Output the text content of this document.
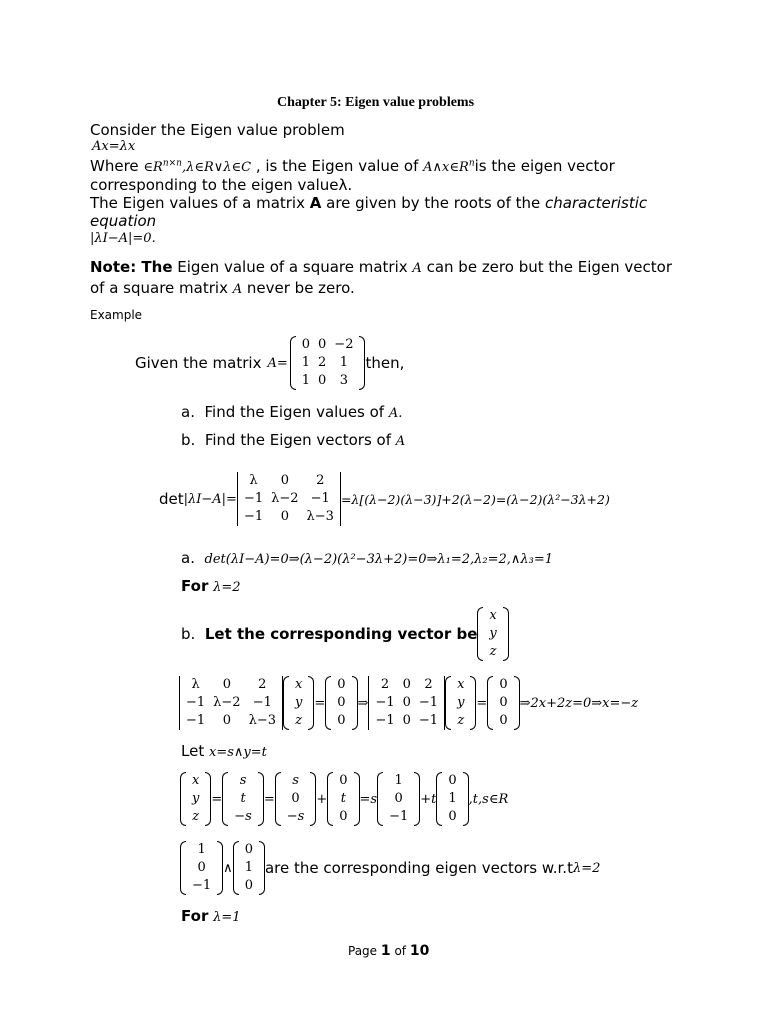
Chapter 5: Eigen value problems
Consider the Eigen value problem
Ax=λx
Where $\in R^{n\times n},\lambda\in R\vee\lambda\in C$ , is the Eigen value of $A\wedge x\in R^nis$ the eigen vector
corresponding to the eigen valueλ.
The Eigen values of a matrix A are given by the roots of the characteristic
equation
|λI−A|=0.
Note: The Eigen value of a square matrix A can be zero but the Eigen vector
of a square matrix A never be zero.
Example
Given the matrix A=
0	0	−2
1	2	1
1	0	3
then,
a. Find the Eigen values of A.
b. Find the Eigen vectors of A
det |λI−A|=
λ	0	2
−1	λ−2	−1
−1	0	λ−3
=λ[(λ−2)(λ−3)]+2(λ−2)=(λ−2)(λ²−3λ+2)
a. det(λI−A)=0⇒(λ−2)(λ²−3λ+2)=0⇒λ₁=2,λ₂=2,∧λ₃=1
For λ=2
b.
Let the corresponding vector be
x
y
z
λ	0	2
−1	λ−2	−1
−1	0	λ−3
x
y
z
=
0
0
0
⇒
2	0	2
−1	0	−1
−1	0	−1
x
y
z
=
0
0
0
⇒2x+2z=0⇒x=−z
Let x=s∧y=t
x
y
z
=
s
t
−s
=
s
0
−s
+
0
t
0
=s
1
0
−1
+t
0
1
0
,t,s∈R
1
0
−1
∧
0
1
0
are the corresponding eigen vectors w.r.t λ=2
For λ=1
Page 1 of 10
